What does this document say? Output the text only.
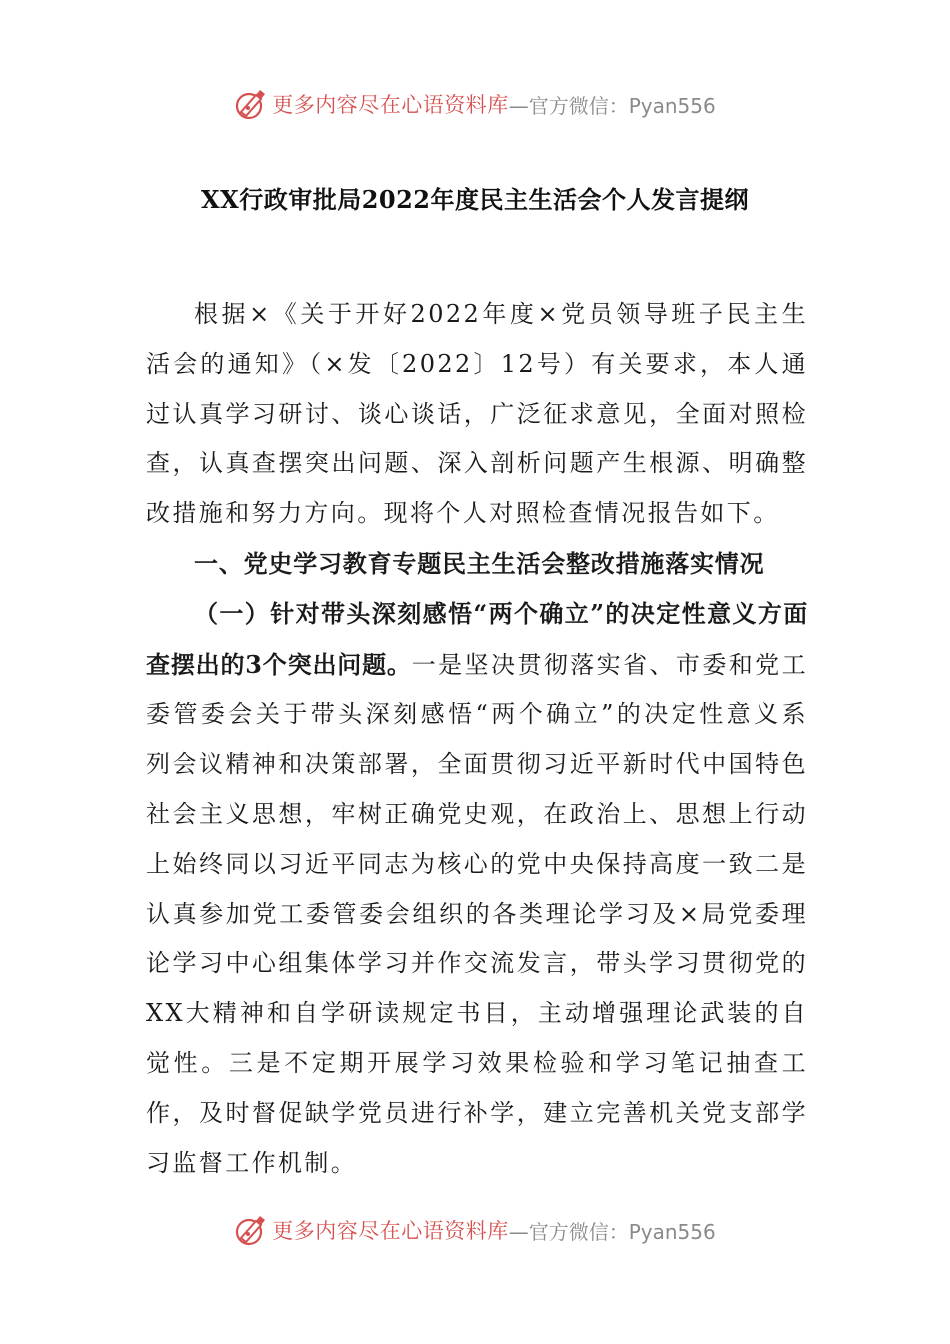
更多内容尽在心语资料库 —官方微信：Pyan556
XX行政审批局2022年度民主生活会个人发言提纲

根据×《关于开好2022年度×党员领导班子民主生活会的通知》（×发〔2022〕12号）有关要求，本人通过认真学习研讨、谈心谈话，广泛征求意见，全面对照检查，认真查摆突出问题、深入剖析问题产生根源、明确整改措施和努力方向。现将个人对照检查情况报告如下。

一、党史学习教育专题民主生活会整改措施落实情况

（一）针对带头深刻感悟“两个确立”的决定性意义方面查摆出的3个突出问题。一是坚决贯彻落实省、市委和党工委管委会关于带头深刻感悟“两个确立”的决定性意义系列会议精神和决策部署，全面贯彻习近平新时代中国特色社会主义思想，牢树正确党史观，在政治上、思想上行动上始终同以习近平同志为核心的党中央保持高度一致二是认真参加党工委管委会组织的各类理论学习及×局党委理论学习中心组集体学习并作交流发言，带头学习贯彻党的XX大精神和自学研读规定书目，主动增强理论武装的自觉性。三是不定期开展学习效果检验和学习笔记抽查工作，及时督促缺学党员进行补学，建立完善机关党支部学习监督工作机制。

更多内容尽在心语资料库 —官方微信：Pyan556
